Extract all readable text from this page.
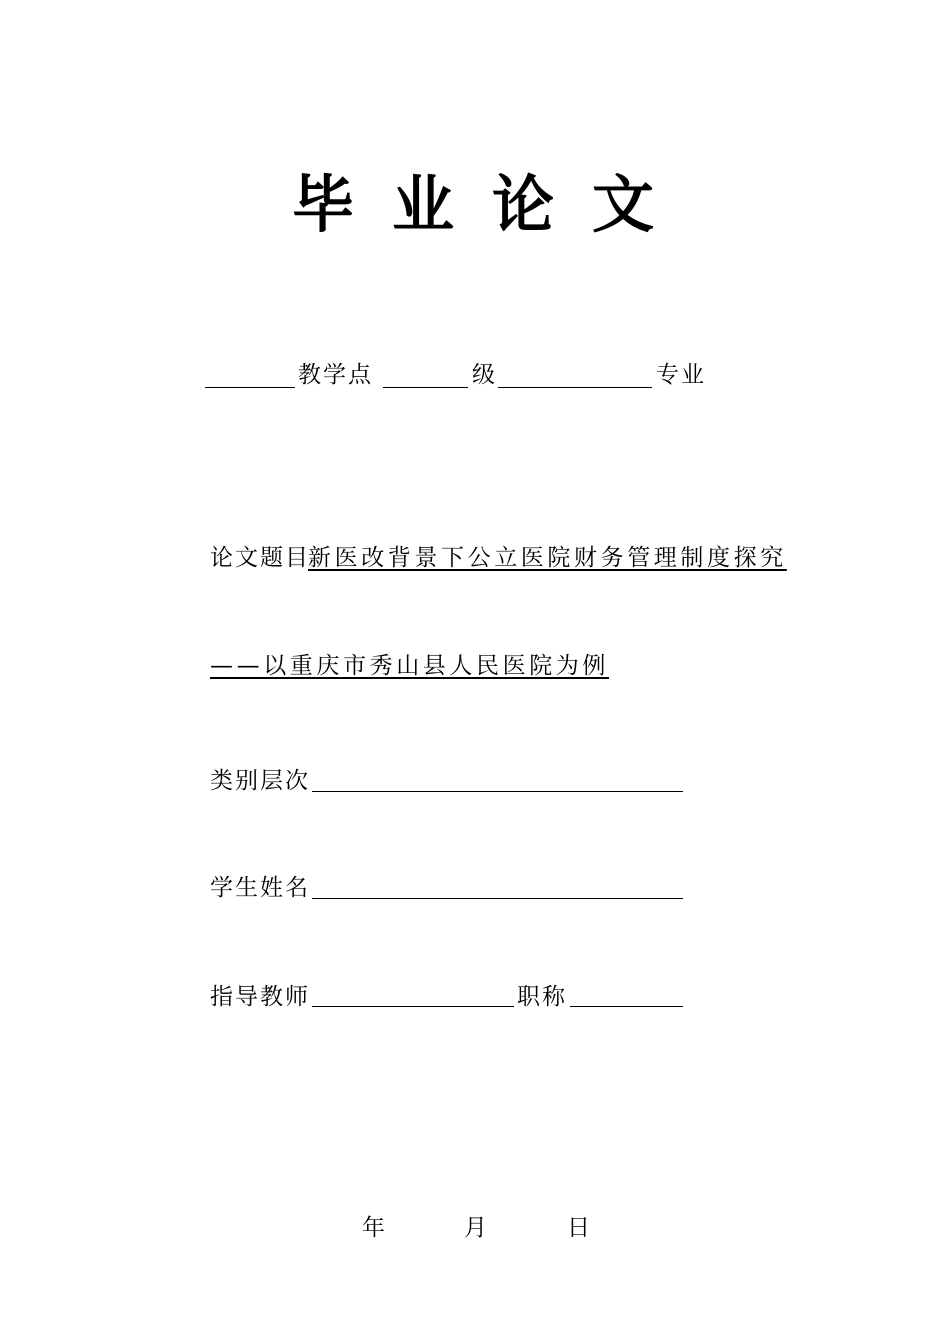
毕业论文
教学点	级	专业
论文题目
新医改背景下公立医院财务管理制度探究
——以重庆市秀山县人民医院为例
类别层次
学生姓名
指导教师	职称
年	月	日
